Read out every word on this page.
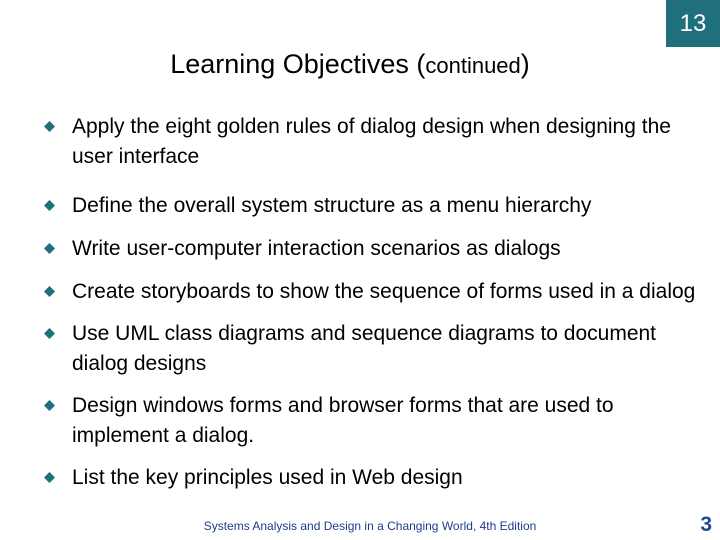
13
Learning Objectives (continued)
Apply the eight golden rules of dialog design when designing the user interface
Define the overall system structure as a menu hierarchy
Write user-computer interaction scenarios as dialogs
Create storyboards to show the sequence of forms used in a dialog
Use UML class diagrams and sequence diagrams to document dialog designs
Design windows forms and browser forms that are used to implement a dialog.
List the key principles used in Web design
Systems Analysis and Design in a Changing World, 4th Edition	3
